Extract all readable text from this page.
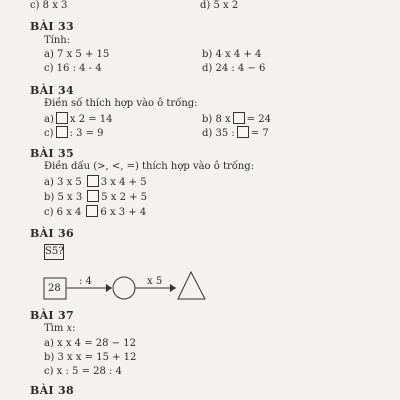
c) 8 x 3	d) 5 x 2
BÀI 33
Tính:
a) 7 x 5 + 15	b) 4 x 4 + 4
c) 16 : 4 - 4	d) 24 : 4 − 6
BÀI 34
Điền số thích hợp vào ô trống:
a) x 2 = 14	b) 8 x = 24
c) : 3 = 9	d) 35 : = 7
BÀI 35
Điền dấu (>, <, =) thích hợp vào ô trống:
a) 3 x 5 3 x 4 + 5
b) 5 x 3 5 x 2 + 5
c) 6 x 4 6 x 3 + 4
BÀI 36
S5?
28
: 4	x 5
BÀI 37
Tìm x:
a) x x 4 = 28 − 12
b) 3 x x = 15 + 12
c) x : 5 = 28 : 4
BÀI 38
